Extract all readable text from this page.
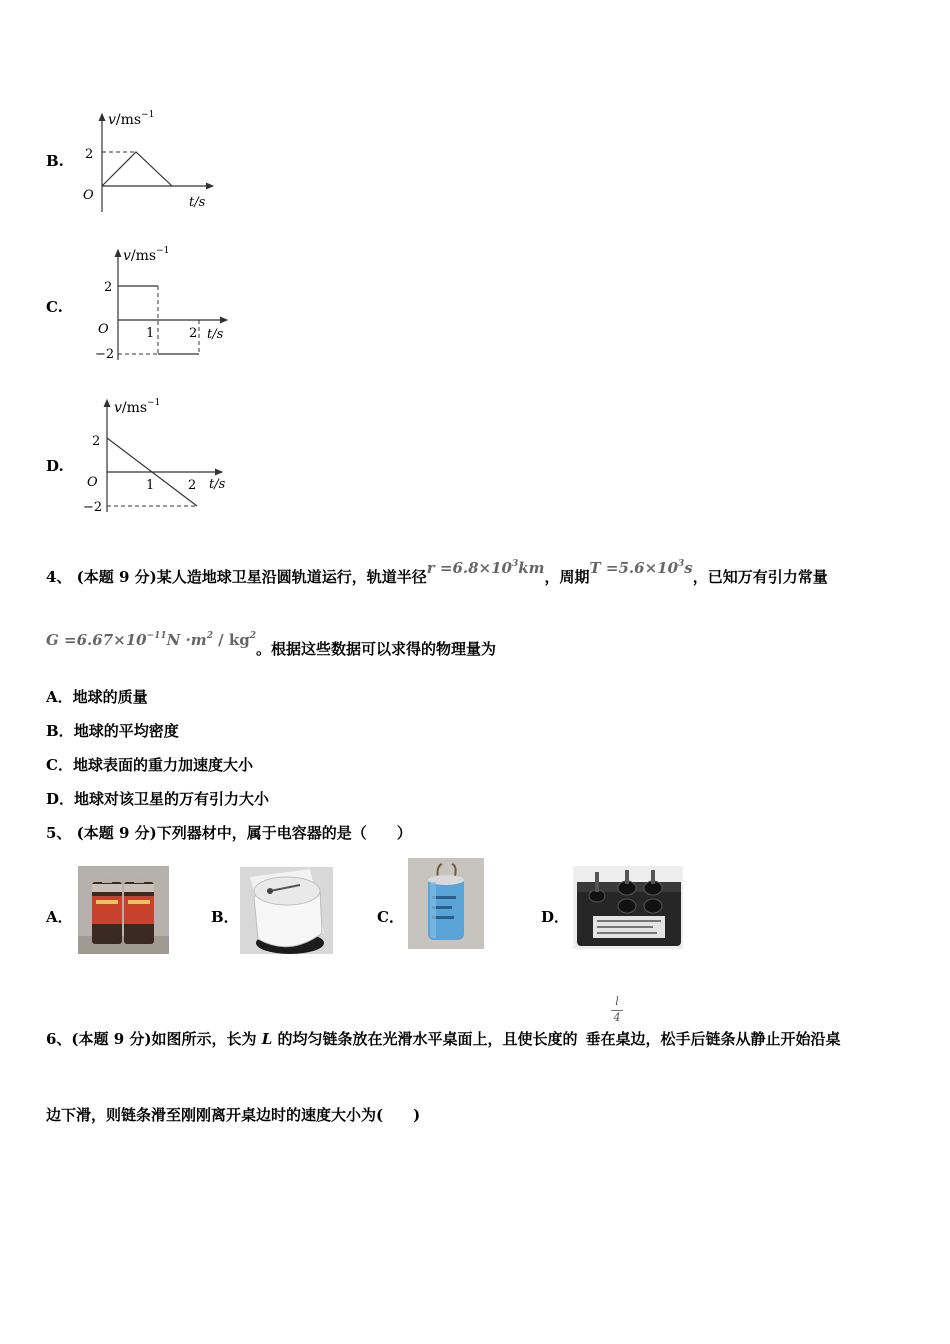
B.
$v/ms^{-1}$
t/s
O
2
C.
$v/ms^{-1}$
t/s
O
2
−2
1	2
D.
$v/ms^{-1}$
t/s
O
2
−2
1	2
4、 (本题 9 分)某人造地球卫星沿圆轨道运行，轨道半径$r =6.8\times 10^3km$，周期$T =5.6\times 10^3s$，已知万有引力常量
$G =6.67\times 10^{-11}N \cdot m^2 / kg^2$。根据这些数据可以求得的物理量为
A．地球的质量
B．地球的平均密度
C．地球表面的重力加速度大小
D．地球对该卫星的万有引力大小
5、 (本题 9 分)下列器材中，属于电容器的是（　　）
A．	B．	C．	D．
6、(本题 9 分)如图所示，长为 L 的均匀链条放在光滑水平桌面上，且使长度的 垂在桌边，松手后链条从静止开始沿桌
l
4
边下滑，则链条滑至刚刚离开桌边时的速度大小为(　　)
